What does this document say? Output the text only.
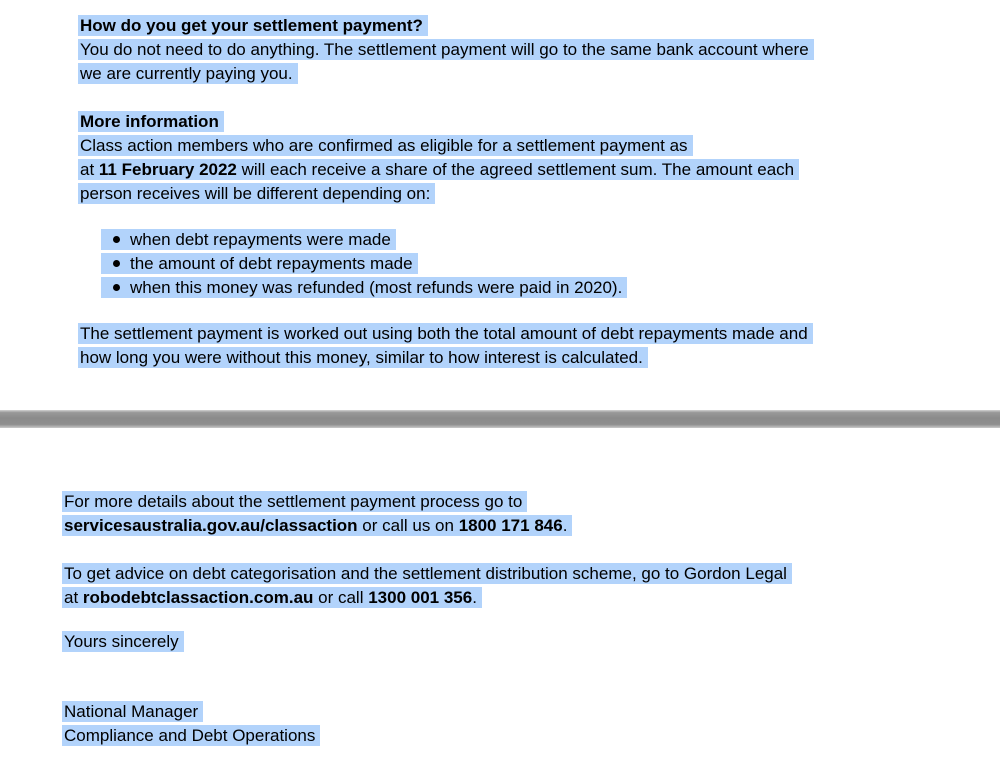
How do you get your settlement payment?
You do not need to do anything. The settlement payment will go to the same bank account where
we are currently paying you.
More information
Class action members who are confirmed as eligible for a settlement payment as
at 11 February 2022 will each receive a share of the agreed settlement sum. The amount each
person receives will be different depending on:
when debt repayments were made
the amount of debt repayments made
when this money was refunded (most refunds were paid in 2020).
The settlement payment is worked out using both the total amount of debt repayments made and
how long you were without this money, similar to how interest is calculated.
For more details about the settlement payment process go to
servicesaustralia.gov.au/classaction or call us on 1800 171 846.
To get advice on debt categorisation and the settlement distribution scheme, go to Gordon Legal
at robodebtclassaction.com.au or call 1300 001 356.
Yours sincerely
National Manager
Compliance and Debt Operations
